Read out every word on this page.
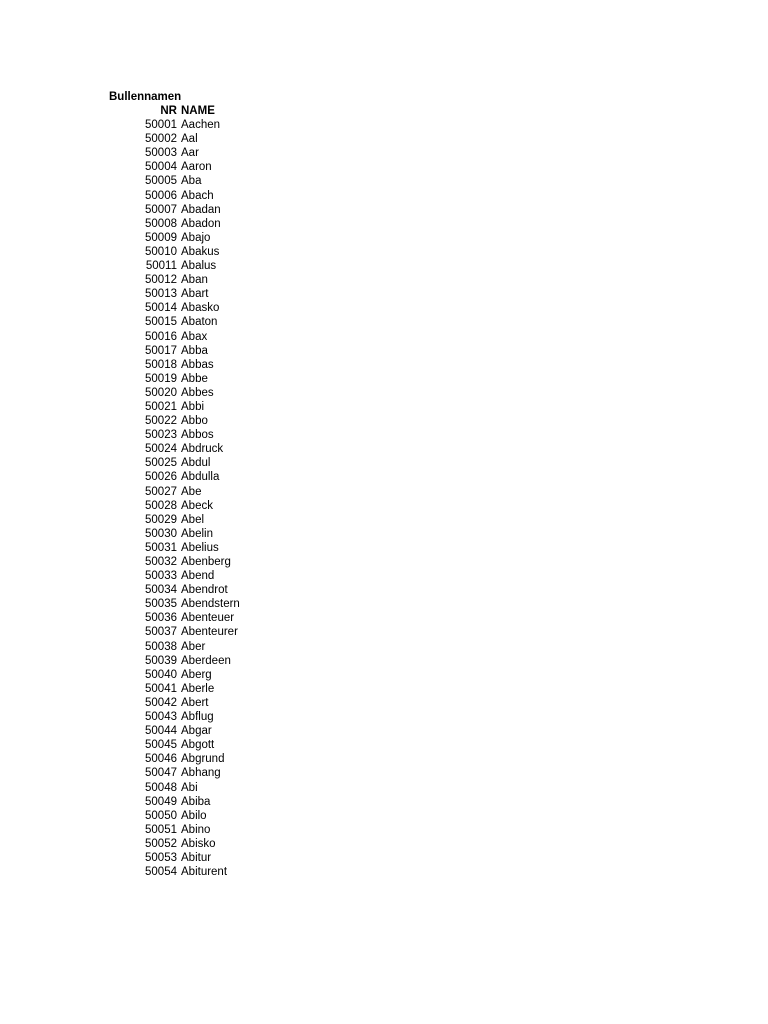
Bullennamen
NR NAME
50001 Aachen
50002 Aal
50003 Aar
50004 Aaron
50005 Aba
50006 Abach
50007 Abadan
50008 Abadon
50009 Abajo
50010 Abakus
50011 Abalus
50012 Aban
50013 Abart
50014 Abasko
50015 Abaton
50016 Abax
50017 Abba
50018 Abbas
50019 Abbe
50020 Abbes
50021 Abbi
50022 Abbo
50023 Abbos
50024 Abdruck
50025 Abdul
50026 Abdulla
50027 Abe
50028 Abeck
50029 Abel
50030 Abelin
50031 Abelius
50032 Abenberg
50033 Abend
50034 Abendrot
50035 Abendstern
50036 Abenteuer
50037 Abenteurer
50038 Aber
50039 Aberdeen
50040 Aberg
50041 Aberle
50042 Abert
50043 Abflug
50044 Abgar
50045 Abgott
50046 Abgrund
50047 Abhang
50048 Abi
50049 Abiba
50050 Abilo
50051 Abino
50052 Abisko
50053 Abitur
50054 Abiturent
